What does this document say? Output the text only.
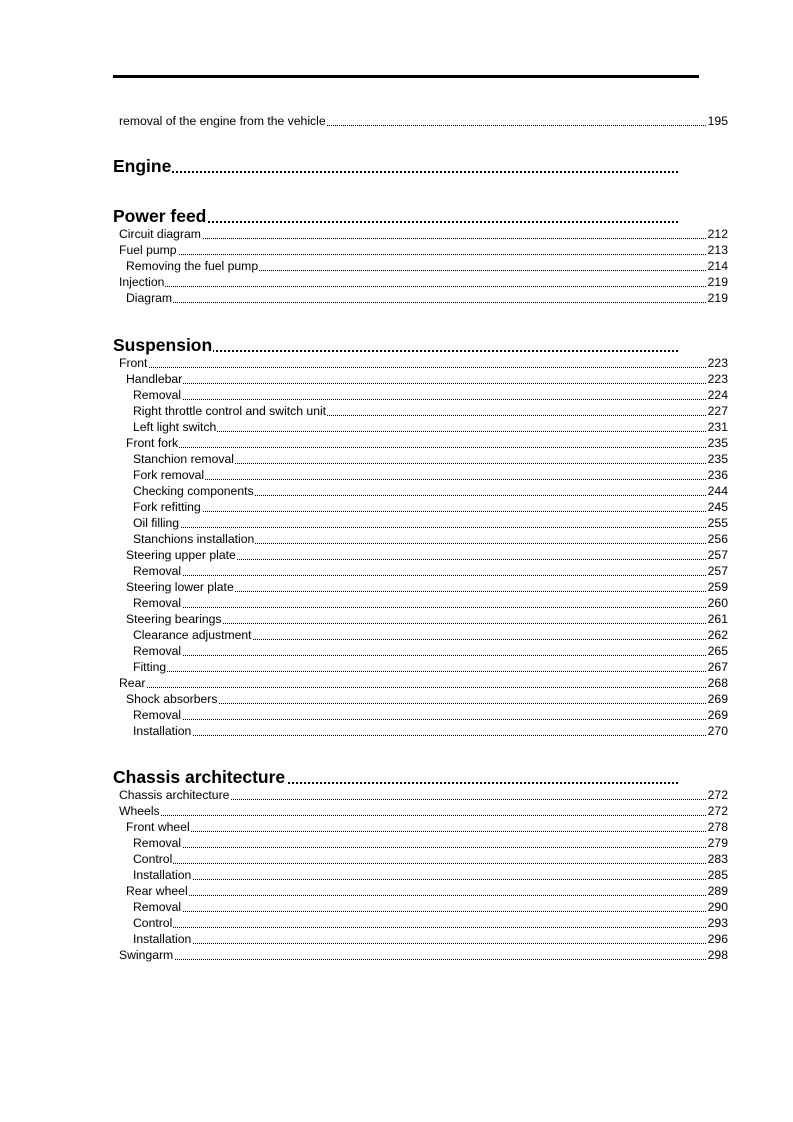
removal of the engine from the vehicle	195
Engine
Power feed
Circuit diagram	212
Fuel pump	213
Removing the fuel pump	214
Injection	219
Diagram	219
Suspension
Front	223
Handlebar	223
Removal	224
Right throttle control and switch unit	227
Left light switch	231
Front fork	235
Stanchion removal	235
Fork removal	236
Checking components	244
Fork refitting	245
Oil filling	255
Stanchions installation	256
Steering upper plate	257
Removal	257
Steering lower plate	259
Removal	260
Steering bearings	261
Clearance adjustment	262
Removal	265
Fitting	267
Rear	268
Shock absorbers	269
Removal	269
Installation	270
Chassis architecture
Chassis architecture	272
Wheels	272
Front wheel	278
Removal	279
Control	283
Installation	285
Rear wheel	289
Removal	290
Control	293
Installation	296
Swingarm	298
